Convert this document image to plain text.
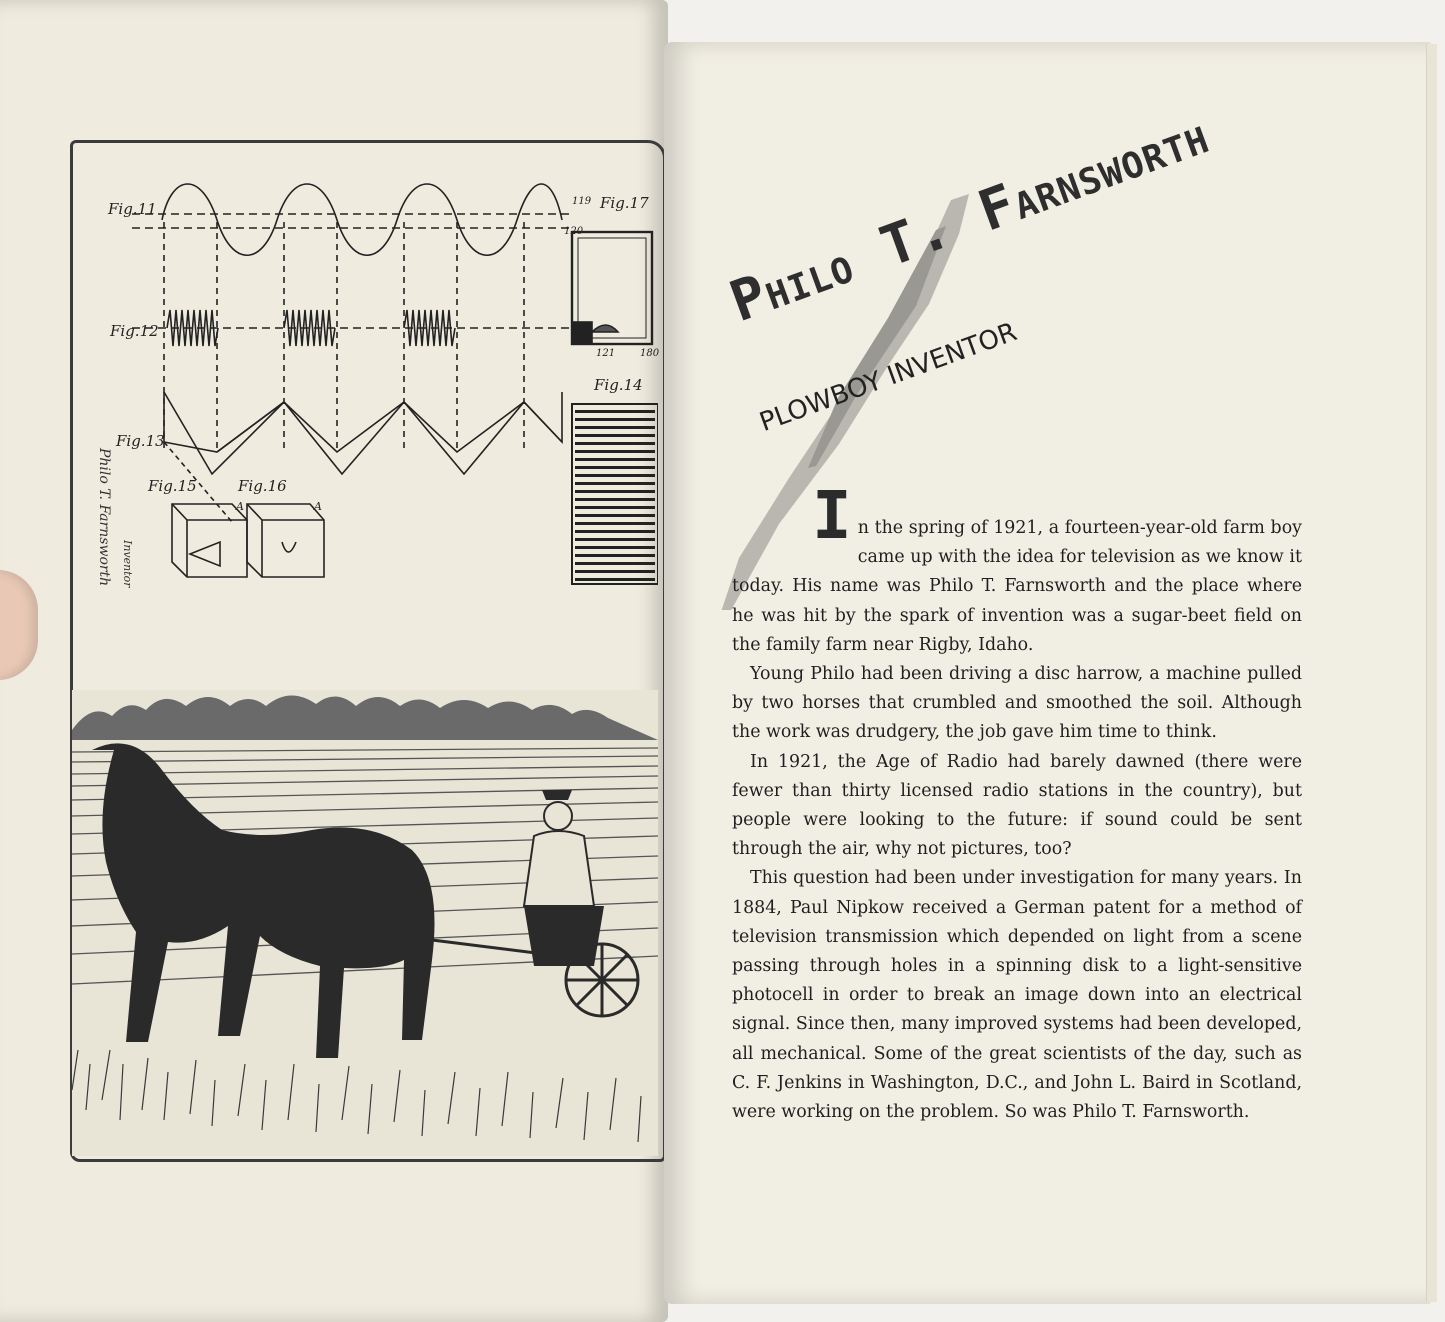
Fig.11
Fig.12
Fig.13
Fig.14
Fig.15	Fig.16
Fig.17
119
120
121 180
A	A
Philo T. Farnsworth Inventor
PHILO T. FARNSWORTH
PLOWBOY INVENTOR
I n the spring of 1921, a fourteen-year-old farm boy came up with the idea for television as we know it today. His name was Philo T. Farnsworth and the place where he was hit by the spark of invention was a sugar-beet field on the family farm near Rigby, Idaho.

Young Philo had been driving a disc harrow, a machine pulled by two horses that crumbled and smoothed the soil. Although the work was drudgery, the job gave him time to think.

In 1921, the Age of Radio had barely dawned (there were fewer than thirty licensed radio stations in the country), but people were looking to the future: if sound could be sent through the air, why not pictures, too?

This question had been under investigation for many years. In 1884, Paul Nipkow received a German patent for a method of television transmission which depended on light from a scene passing through holes in a spinning disk to a light-sensitive photocell in order to break an image down into an electrical signal. Since then, many improved systems had been developed, all mechanical. Some of the great scientists of the day, such as C. F. Jenkins in Washington, D.C., and John L. Baird in Scotland, were working on the problem. So was Philo T. Farnsworth.
